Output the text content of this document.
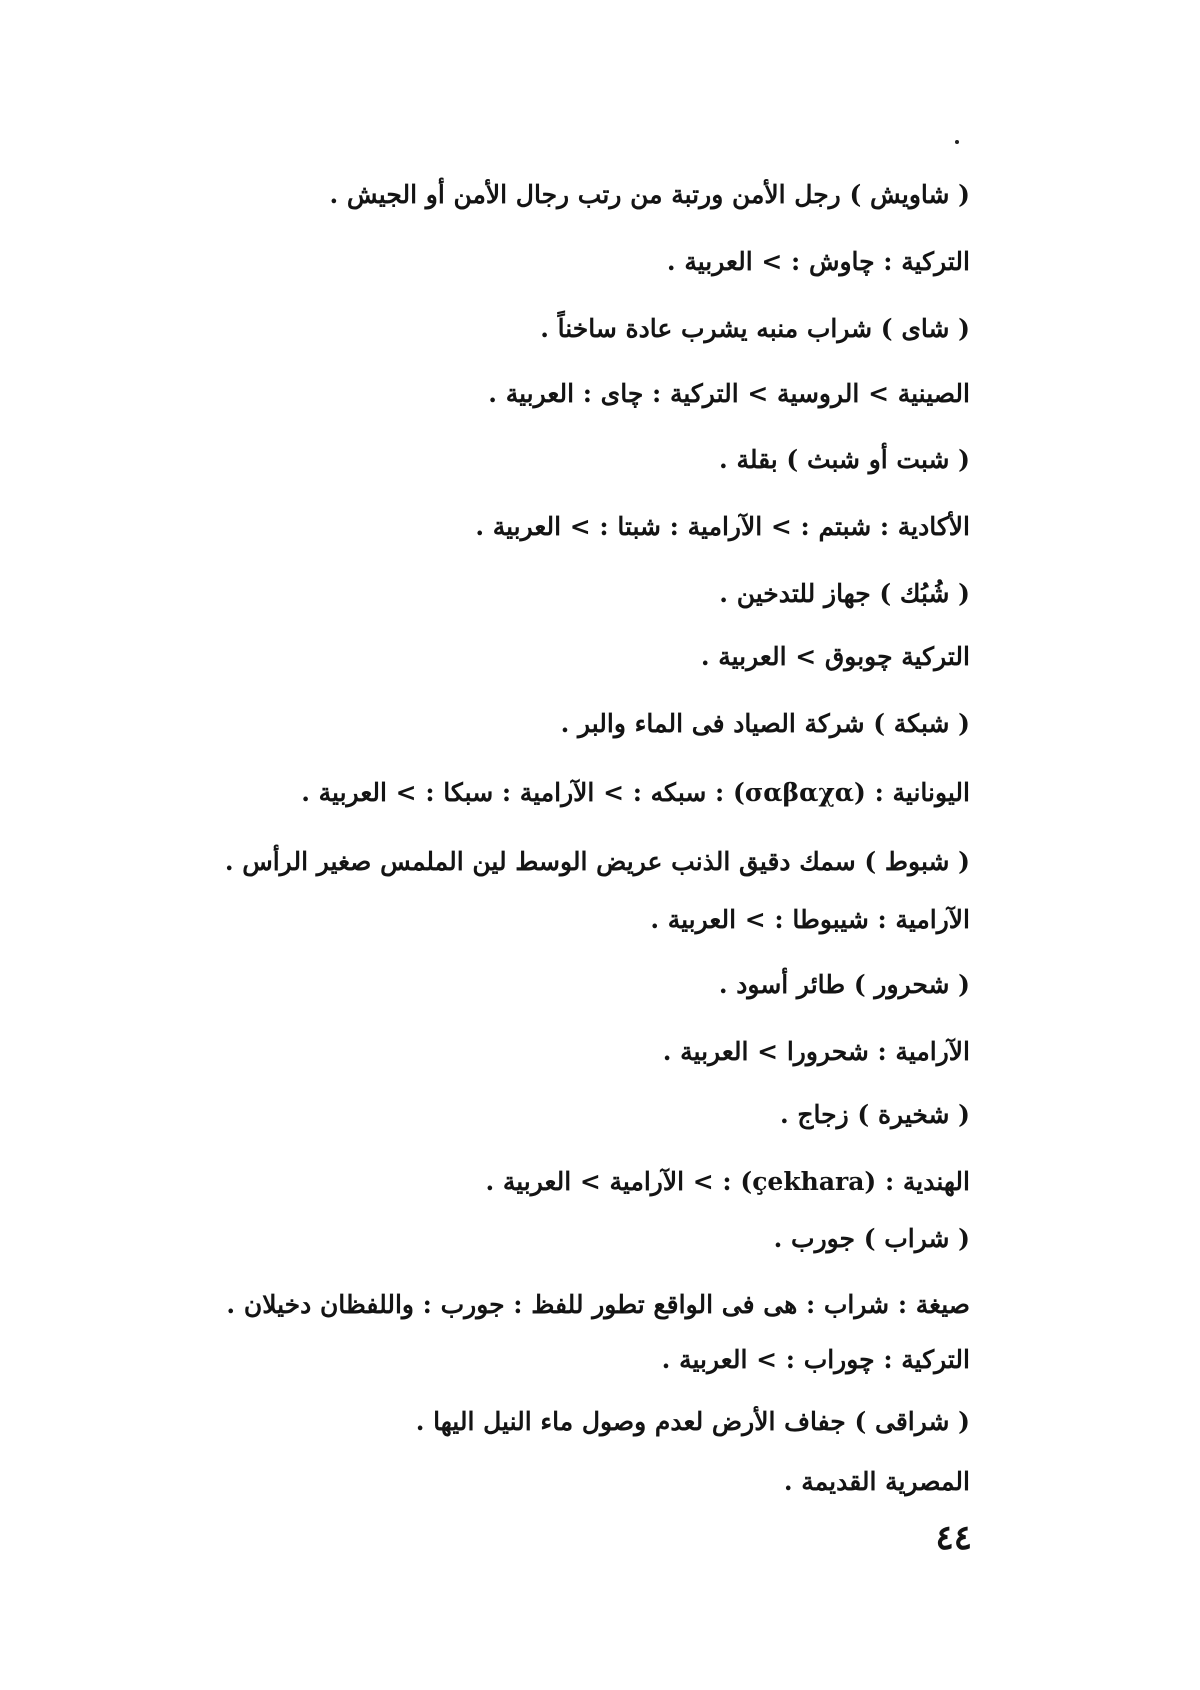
( شاويش ) رجل الأمن ورتبة من رتب رجال الأمن أو الجيش .
التركية : چاوش : > العربية .
( شاى ) شراب منبه يشرب عادة ساخناً .
الصينية > الروسية > التركية : چاى : العربية .
( شبت أو شبث ) بقلة .
الأكادية : شبتم : > الآرامية : شبتا : > العربية .
( شُبُك ) جهاز للتدخين .
التركية چوبوق > العربية .
( شبكة ) شركة الصياد فى الماء والبر .
اليونانية : (σαβαχα) : سبكه : > الآرامية : سبكا : > العربية .
( شبوط ) سمك دقيق الذنب عريض الوسط لين الملمس صغير الرأس .
الآرامية : شيبوطا : > العربية .
( شحرور ) طائر أسود .
الآرامية : شحرورا > العربية .
( شخيرة ) زجاج .
الهندية : (çekhara) : > الآرامية > العربية .
( شراب ) جورب .
صيغة : شراب : هى فى الواقع تطور للفظ : جورب : واللفظان دخيلان .
التركية : چوراب : > العربية .
( شراقى ) جفاف الأرض لعدم وصول ماء النيل اليها .
المصرية القديمة .
٤٤
